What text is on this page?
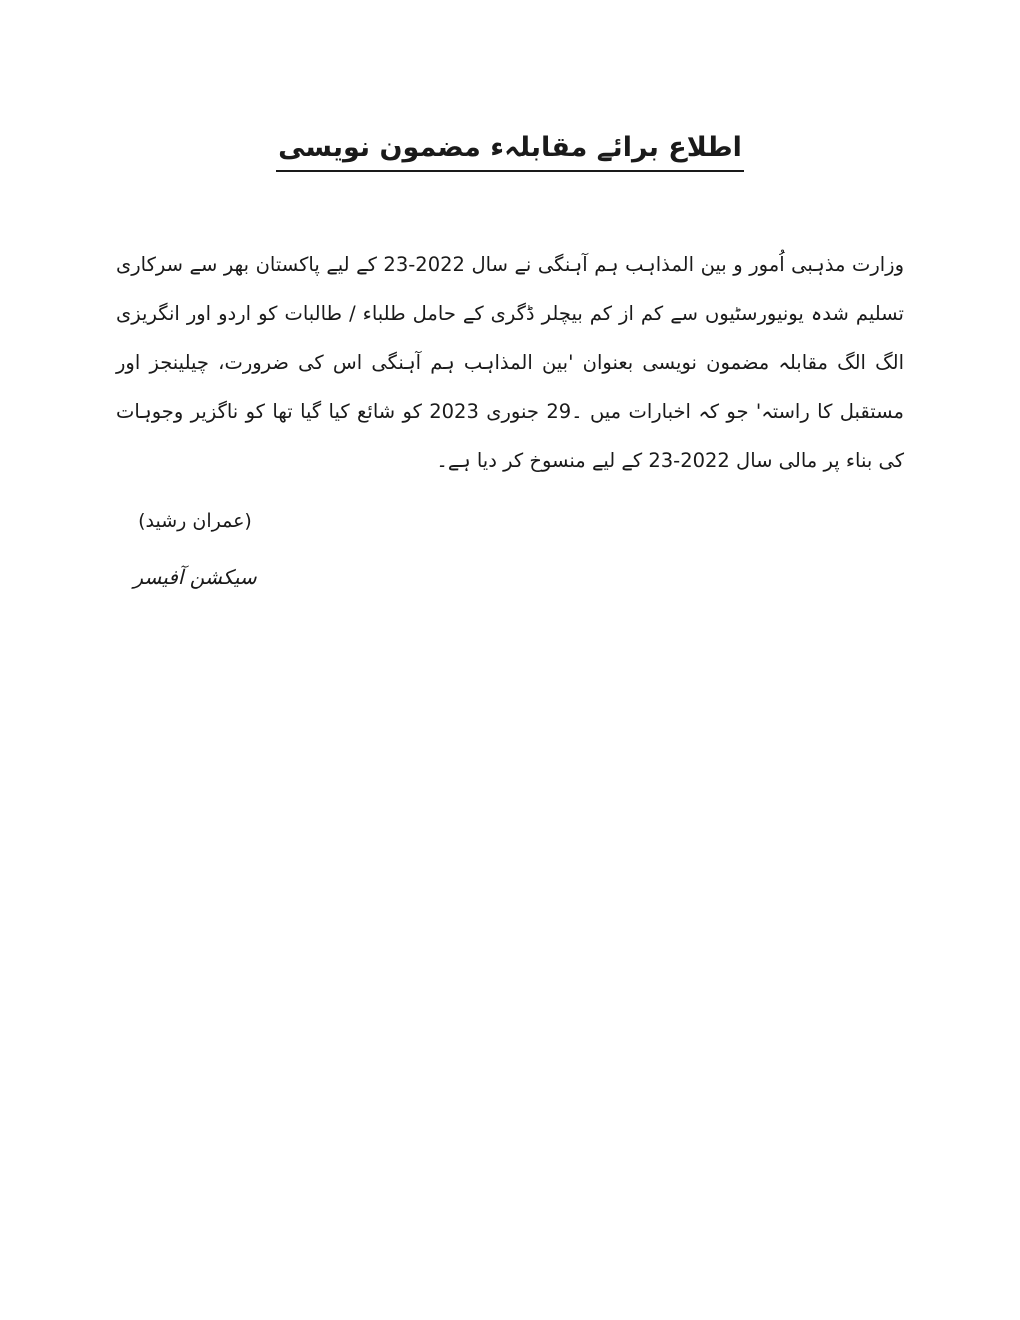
اطلاع برائے مقابلہء مضمون نویسی

وزارت مذہبی اُمور و بین المذاہب ہم آہنگی نے سال 2022-23 کے لیے پاکستان بھر سے سرکاری تسلیم شدہ یونیورسٹیوں سے کم از کم بیچلر ڈگری کے حامل طلباء / طالبات کو اردو اور انگریزی الگ الگ مقابلہ مضمون نویسی بعنوان 'بین المذاہب ہم آہنگی اس کی ضرورت، چیلینجز اور مستقبل کا راستہ' جو کہ اخبارات میں ۔29 جنوری 2023 کو شائع کیا گیا تھا کو ناگزیر وجوہات کی بناء پر مالی سال 2022-23 کے لیے منسوخ کر دیا ہے۔

(عمران رشید)

سیکشن آفیسر
